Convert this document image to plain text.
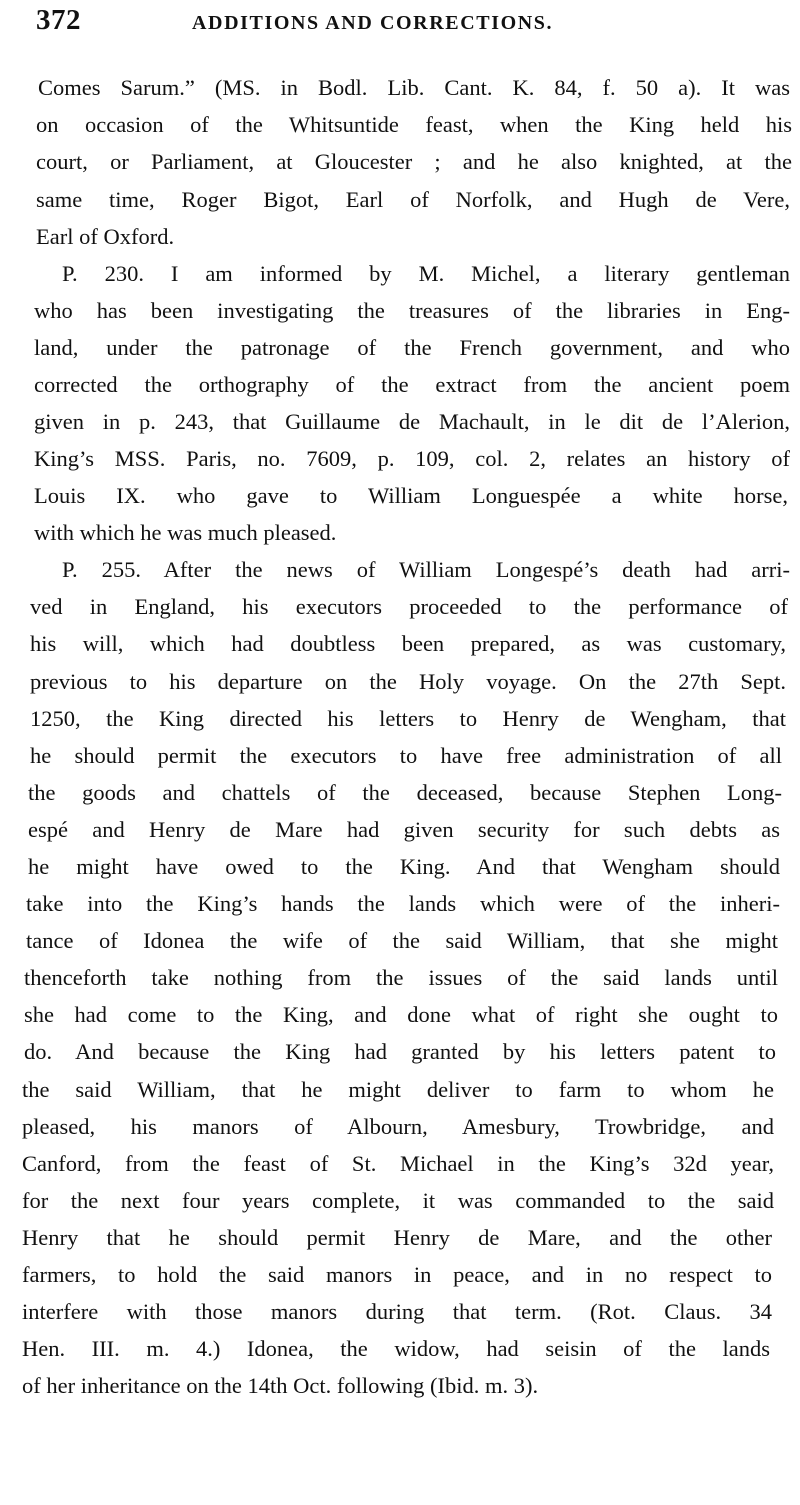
372	ADDITIONS AND CORRECTIONS.
Comes Sarum.” (MS. in Bodl. Lib. Cant. K. 84, f. 50 a). It was
on occasion of the Whitsuntide feast, when the King held his
court, or Parliament, at Gloucester ; and he also knighted, at the
same time, Roger Bigot, Earl of Norfolk, and Hugh de Vere,
Earl of Oxford.
P. 230. I am informed by M. Michel, a literary gentleman
who has been investigating the treasures of the libraries in Eng-
land, under the patronage of the French government, and who
corrected the orthography of the extract from the ancient poem
given in p. 243, that Guillaume de Machault, in le dit de l’Alerion,
King’s MSS. Paris, no. 7609, p. 109, col. 2, relates an history of
Louis IX. who gave to William Longuespée a white horse,
with which he was much pleased.
P. 255. After the news of William Longespé’s death had arri-
ved in England, his executors proceeded to the performance of
his will, which had doubtless been prepared, as was customary,
previous to his departure on the Holy voyage. On the 27th Sept.
1250, the King directed his letters to Henry de Wengham, that
he should permit the executors to have free administration of all
the goods and chattels of the deceased, because Stephen Long-
espé and Henry de Mare had given security for such debts as
he might have owed to the King. And that Wengham should
take into the King’s hands the lands which were of the inheri-
tance of Idonea the wife of the said William, that she might
thenceforth take nothing from the issues of the said lands until
she had come to the King, and done what of right she ought to
do. And because the King had granted by his letters patent to
the said William, that he might deliver to farm to whom he
pleased, his manors of Albourn, Amesbury, Trowbridge, and
Canford, from the feast of St. Michael in the King’s 32d year,
for the next four years complete, it was commanded to the said
Henry that he should permit Henry de Mare, and the other
farmers, to hold the said manors in peace, and in no respect to
interfere with those manors during that term. (Rot. Claus. 34
Hen. III. m. 4.) Idonea, the widow, had seisin of the lands
of her inheritance on the 14th Oct. following (Ibid. m. 3).
